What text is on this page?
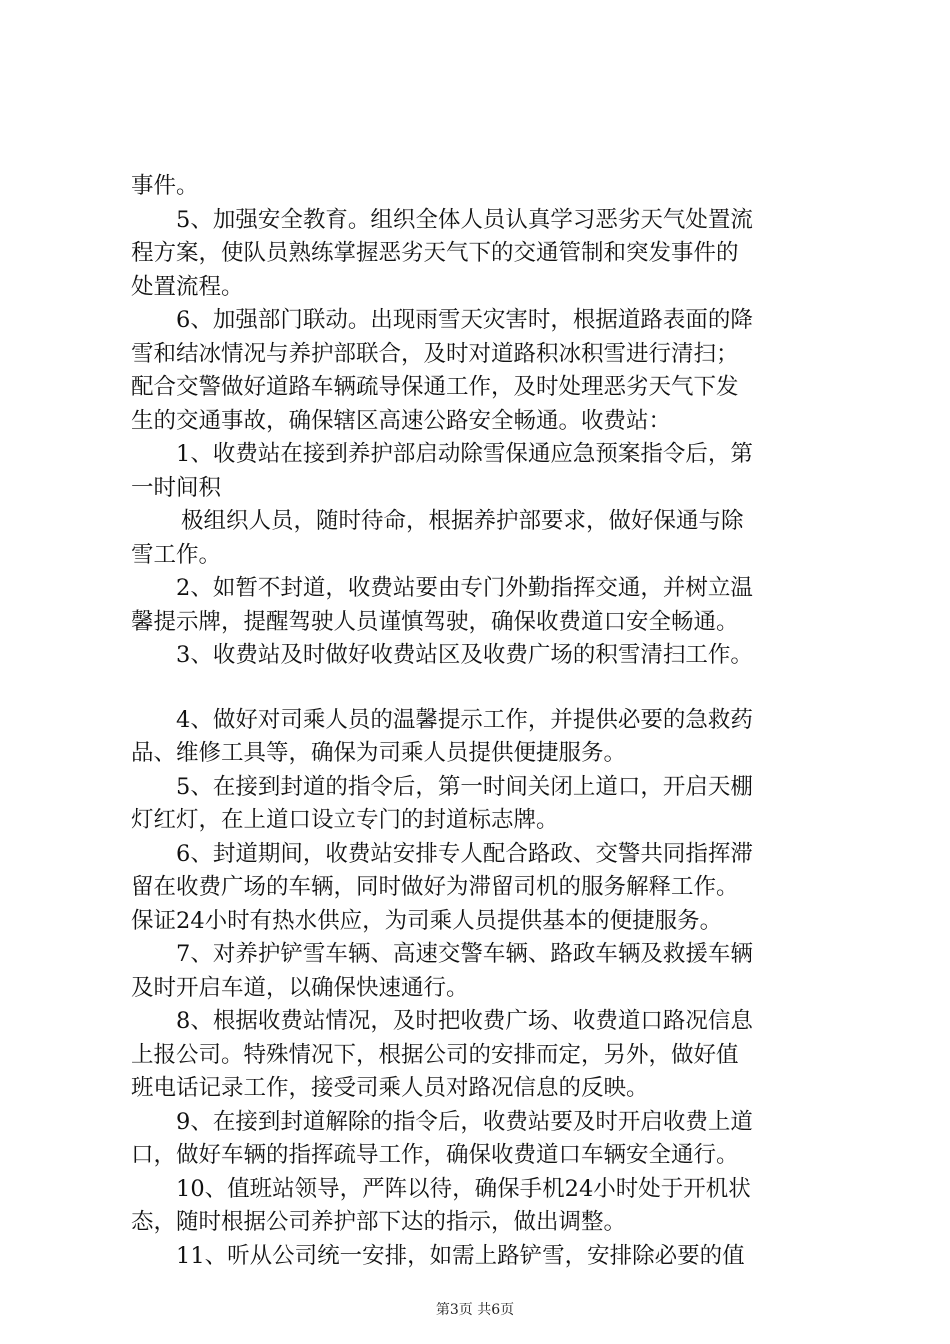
事件。
5、加强安全教育。组织全体人员认真学习恶劣天气处置流
程方案，使队员熟练掌握恶劣天气下的交通管制和突发事件的
处置流程。
6、加强部门联动。出现雨雪天灾害时，根据道路表面的降
雪和结冰情况与养护部联合，及时对道路积冰积雪进行清扫；
配合交警做好道路车辆疏导保通工作，及时处理恶劣天气下发
生的交通事故，确保辖区高速公路安全畅通。收费站：
1、收费站在接到养护部启动除雪保通应急预案指令后，第
一时间积
极组织人员，随时待命，根据养护部要求，做好保通与除
雪工作。
2、如暂不封道，收费站要由专门外勤指挥交通，并树立温
馨提示牌，提醒驾驶人员谨慎驾驶，确保收费道口安全畅通。
3、收费站及时做好收费站区及收费广场的积雪清扫工作。
4、做好对司乘人员的温馨提示工作，并提供必要的急救药
品、维修工具等，确保为司乘人员提供便捷服务。
5、在接到封道的指令后，第一时间关闭上道口，开启天棚
灯红灯，在上道口设立专门的封道标志牌。
6、封道期间，收费站安排专人配合路政、交警共同指挥滞
留在收费广场的车辆，同时做好为滞留司机的服务解释工作。
保证24小时有热水供应，为司乘人员提供基本的便捷服务。
7、对养护铲雪车辆、高速交警车辆、路政车辆及救援车辆
及时开启车道，以确保快速通行。
8、根据收费站情况，及时把收费广场、收费道口路况信息
上报公司。特殊情况下，根据公司的安排而定，另外，做好值
班电话记录工作，接受司乘人员对路况信息的反映。
9、在接到封道解除的指令后，收费站要及时开启收费上道
口，做好车辆的指挥疏导工作，确保收费道口车辆安全通行。
10、值班站领导，严阵以待，确保手机24小时处于开机状
态，随时根据公司养护部下达的指示，做出调整。
11、听从公司统一安排，如需上路铲雪，安排除必要的值
第3页 共6页
